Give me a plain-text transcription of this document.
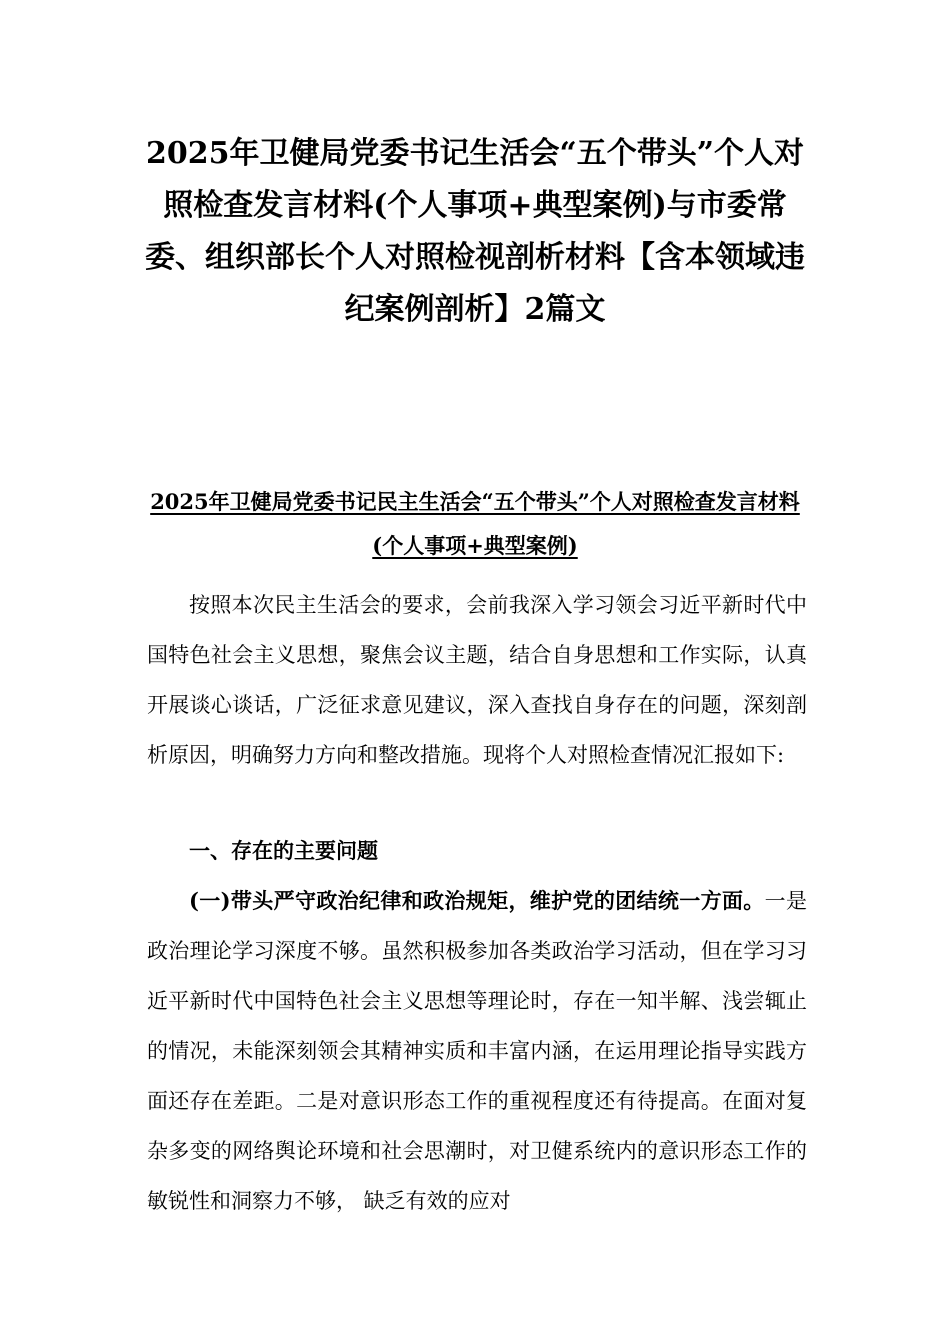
2025年卫健局党委书记生活会“五个带头”个人对照检查发言材料(个人事项+典型案例)与市委常委、组织部长个人对照检视剖析材料【含本领域违纪案例剖析】2篇文
2025年卫健局党委书记民主生活会“五个带头”个人对照检查发言材料(个人事项+典型案例)

按照本次民主生活会的要求，会前我深入学习领会习近平新时代中国特色社会主义思想，聚焦会议主题，结合自身思想和工作实际，认真开展谈心谈话，广泛征求意见建议，深入查找自身存在的问题，深刻剖析原因，明确努力方向和整改措施。现将个人对照检查情况汇报如下:

一、存在的主要问题

(一)带头严守政治纪律和政治规矩，维护党的团结统一方面。一是政治理论学习深度不够。虽然积极参加各类政治学习活动，但在学习习近平新时代中国特色社会主义思想等理论时，存在一知半解、浅尝辄止的情况，未能深刻领会其精神实质和丰富内涵，在运用理论指导实践方面还存在差距。二是对意识形态工作的重视程度还有待提高。在面对复杂多变的网络舆论环境和社会思潮时，对卫健系统内的意识形态工作的敏锐性和洞察力不够， 缺乏有效的应对
